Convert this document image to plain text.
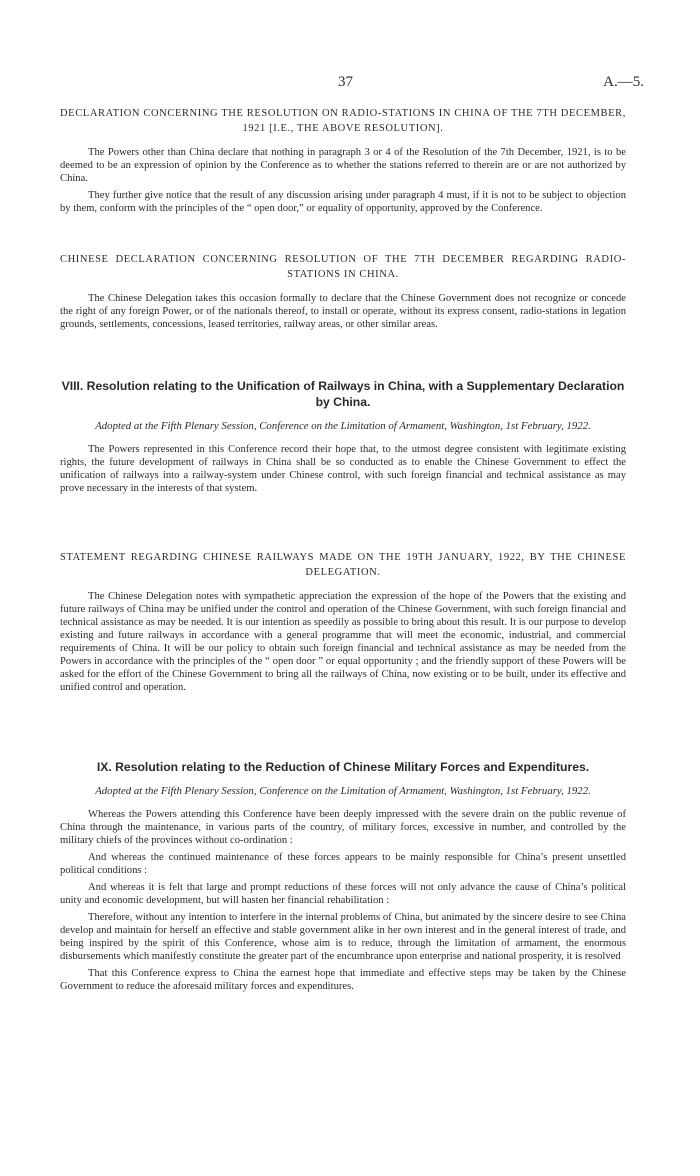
37	A.—5.

DECLARATION CONCERNING THE RESOLUTION ON RADIO-STATIONS IN CHINA OF THE 7TH DECEMBER, 1921 [I.E., THE ABOVE RESOLUTION].

The Powers other than China declare that nothing in paragraph 3 or 4 of the Resolution of the 7th December, 1921, is to be deemed to be an expression of opinion by the Conference as to whether the stations referred to therein are or are not authorized by China.

They further give notice that the result of any discussion arising under paragraph 4 must, if it is not to be subject to objection by them, conform with the principles of the “ open door,” or equality of opportunity, approved by the Conference.

CHINESE DECLARATION CONCERNING RESOLUTION OF THE 7TH DECEMBER REGARDING RADIO-STATIONS IN CHINA.

The Chinese Delegation takes this occasion formally to declare that the Chinese Government does not recognize or concede the right of any foreign Power, or of the nationals thereof, to install or operate, without its express consent, radio-stations in legation grounds, settlements, concessions, leased territories, railway areas, or other similar areas.

VIII. Resolution relating to the Unification of Railways in China, with a Supplementary Declaration by China.

Adopted at the Fifth Plenary Session, Conference on the Limitation of Armament, Washington, 1st February, 1922.

The Powers represented in this Conference record their hope that, to the utmost degree consistent with legitimate existing rights, the future development of railways in China shall be so conducted as to enable the Chinese Government to effect the unification of railways into a railway-system under Chinese control, with such foreign financial and technical assistance as may prove necessary in the interests of that system.

STATEMENT REGARDING CHINESE RAILWAYS MADE ON THE 19TH JANUARY, 1922, BY THE CHINESE DELEGATION.

The Chinese Delegation notes with sympathetic appreciation the expression of the hope of the Powers that the existing and future railways of China may be unified under the control and operation of the Chinese Government, with such foreign financial and technical assistance as may be needed. It is our intention as speedily as possible to bring about this result. It is our purpose to develop existing and future railways in accordance with a general programme that will meet the economic, industrial, and commercial requirements of China. It will be our policy to obtain such foreign financial and technical assistance as may be needed from the Powers in accordance with the principles of the “ open door ” or equal opportunity ; and the friendly support of these Powers will be asked for the effort of the Chinese Government to bring all the railways of China, now existing or to be built, under its effective and unified control and operation.

IX. Resolution relating to the Reduction of Chinese Military Forces and Expenditures.

Adopted at the Fifth Plenary Session, Conference on the Limitation of Armament, Washington, 1st February, 1922.

Whereas the Powers attending this Conference have been deeply impressed with the severe drain on the public revenue of China through the maintenance, in various parts of the country, of military forces, excessive in number, and controlled by the military chiefs of the provinces without co-ordination :

And whereas the continued maintenance of these forces appears to be mainly responsible for China’s present unsettled political conditions :

And whereas it is felt that large and prompt reductions of these forces will not only advance the cause of China’s political unity and economic development, but will hasten her financial rehabilitation :

Therefore, without any intention to interfere in the internal problems of China, but animated by the sincere desire to see China develop and maintain for herself an effective and stable government alike in her own interest and in the general interest of trade, and being inspired by the spirit of this Conference, whose aim is to reduce, through the limitation of armament, the enormous disbursements which manifestly constitute the greater part of the encumbrance upon enterprise and national prosperity, it is resolved

That this Conference express to China the earnest hope that immediate and effective steps may be taken by the Chinese Government to reduce the aforesaid military forces and expenditures.
